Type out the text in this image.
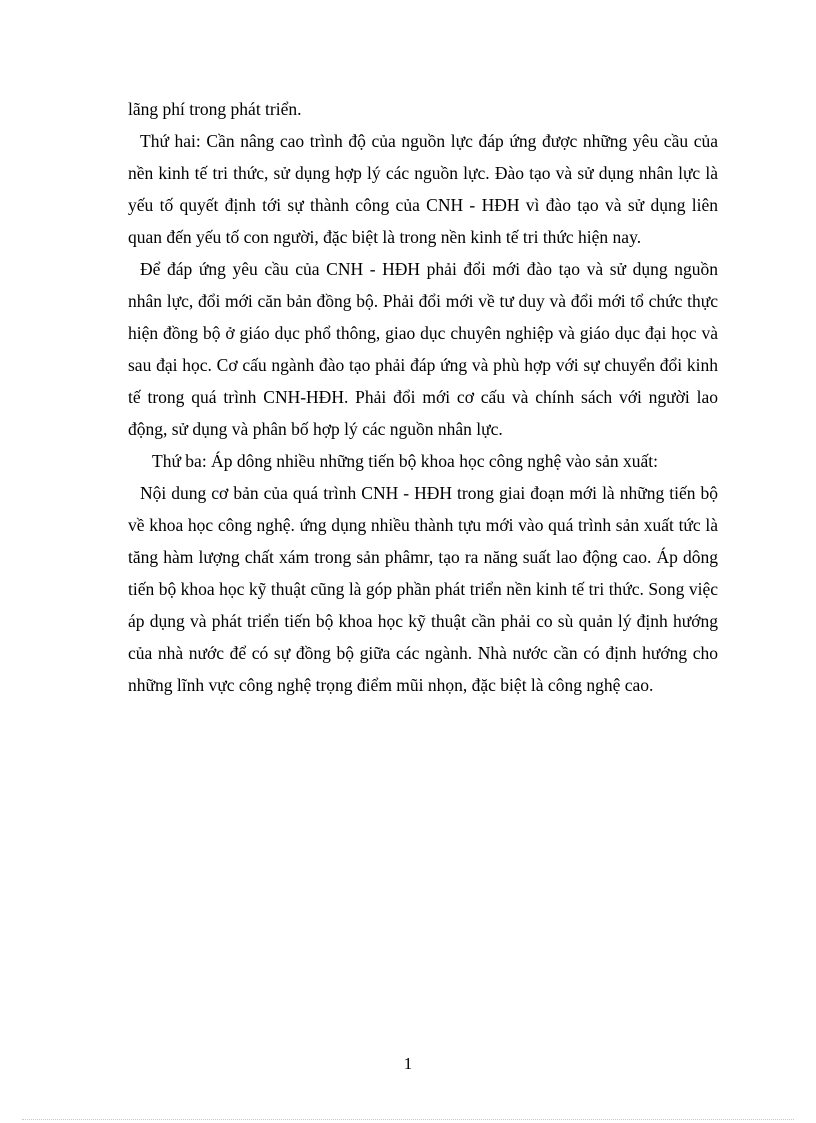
lãng phí trong phát triển.

Thứ hai: Cần nâng cao trình độ của nguồn lực đáp ứng được những yêu cầu của nền kinh tế tri thức, sử dụng hợp lý các nguồn lực. Đào tạo và sử dụng nhân lực là yếu tố quyết định tới sự thành công của CNH - HĐH vì đào tạo và sử dụng liên quan đến yếu tố con người, đặc biệt là trong nền kinh tế tri thức hiện nay.

Để đáp ứng yêu cầu của CNH - HĐH phải đổi mới đào tạo và sử dụng nguồn nhân lực, đổi mới căn bản đồng bộ. Phải đổi mới về tư duy và đổi mới tổ chức thực hiện đồng bộ ở giáo dục phổ thông, giao dục chuyên nghiệp và giáo dục đại học và sau đại học. Cơ cấu ngành đào tạo phải đáp ứng và phù hợp với sự chuyển đổi kinh tế trong quá trình CNH-HĐH. Phải đổi mới cơ cấu và chính sách với người lao động, sử dụng và phân bố hợp lý các nguồn nhân lực.

Thứ ba: Áp dông nhiều những tiến bộ khoa học công nghệ vào sản xuất:

Nội dung cơ bản của quá trình CNH - HĐH trong giai đoạn mới là những tiến bộ về khoa học công nghệ. ứng dụng nhiều thành tựu mới vào quá trình sản xuất tức là tăng hàm lượng chất xám trong sản phâmr, tạo ra năng suất lao động cao. Áp dông tiến bộ khoa học kỹ thuật cũng là góp phần phát triển nền kinh tế tri thức. Song việc áp dụng và phát triển tiến bộ khoa học kỹ thuật cần phải co sù quản lý định hướng của nhà nước để có sự đồng bộ giữa các ngành. Nhà nước cần có định hướng cho những lĩnh vực công nghệ trọng điểm mũi nhọn, đặc biệt là công nghệ cao.

1
